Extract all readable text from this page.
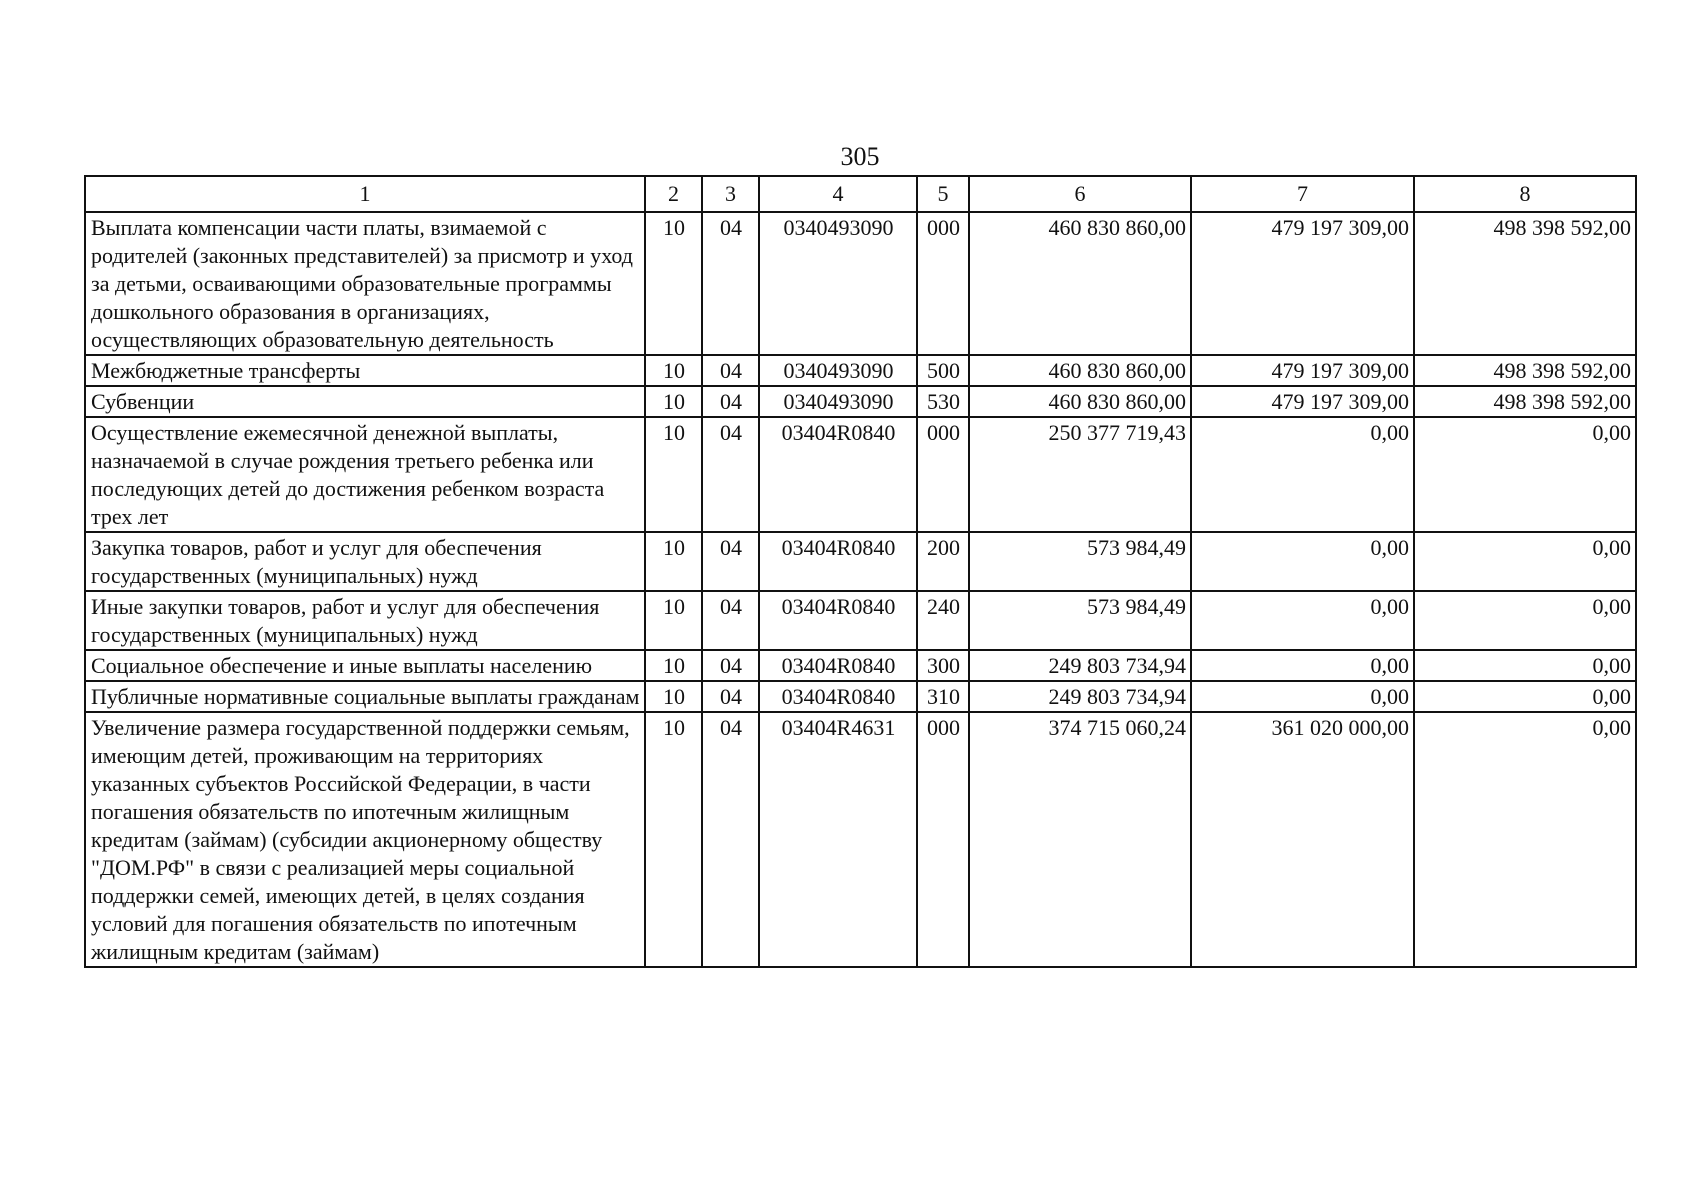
305
1	2	3	4	5	6	7	8
Выплата компенсации части платы, взимаемой с родителей (законных представителей) за присмотр и уход за детьми, осваивающими образовательные программы дошкольного образования в организациях, осуществляющих образовательную деятельность	10	04	0340493090	000	460 830 860,00	479 197 309,00	498 398 592,00
Межбюджетные трансферты	10	04	0340493090	500	460 830 860,00	479 197 309,00	498 398 592,00
Субвенции	10	04	0340493090	530	460 830 860,00	479 197 309,00	498 398 592,00
Осуществление ежемесячной денежной выплаты, назначаемой в случае рождения третьего ребенка или последующих детей до достижения ребенком возраста трех лет	10	04	03404R0840	000	250 377 719,43	0,00	0,00
Закупка товаров, работ и услуг для обеспечения государственных (муниципальных) нужд	10	04	03404R0840	200	573 984,49	0,00	0,00
Иные закупки товаров, работ и услуг для обеспечения государственных (муниципальных) нужд	10	04	03404R0840	240	573 984,49	0,00	0,00
Социальное обеспечение и иные выплаты населению	10	04	03404R0840	300	249 803 734,94	0,00	0,00
Публичные нормативные социальные выплаты гражданам	10	04	03404R0840	310	249 803 734,94	0,00	0,00
Увеличение размера государственной поддержки семьям, имеющим детей, проживающим на территориях указанных субъектов Российской Федерации, в части погашения обязательств по ипотечным жилищным кредитам (займам) (субсидии акционерному обществу "ДОМ.РФ" в связи с реализацией меры социальной поддержки семей, имеющих детей, в целях создания условий для погашения обязательств по ипотечным жилищным кредитам (займам)	10	04	03404R4631	000	374 715 060,24	361 020 000,00	0,00
